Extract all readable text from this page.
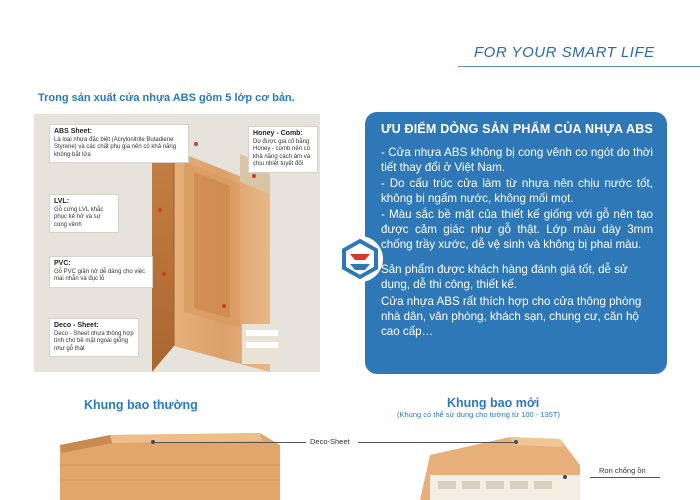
FOR YOUR SMART LIFE
Trong sản xuất cửa nhựa ABS gồm 5 lớp cơ bản.
ABS Sheet:
Là loại nhựa đặc biệt (Acrylonitrile Butadiene Styrene) và các chất phụ gia nên có khả năng không bắt lửa
Honey - Comb:
Do được gia cố bằng Honey - comb nên có khả năng cách âm và chịu nhiệt tuyệt đối
LVL:
Gỗ cứng LVL khắc phục kẻ hở và sự cong vênh
PVC:
Gỗ PVC giản nở dễ dàng cho việc mài nhẵn và đục lỗ
Deco - Sheet:
Deco - Sheet nhựa thông hợp tính cho bề mặt ngoài giống như gỗ thật
ƯU ĐIỂM DÒNG SẢN PHẨM CỦA NHỰA ABS
- Cửa nhựa ABS không bị cong vênh co ngót do thời tiết thay đổi ở Việt Nam.
- Do cấu trúc cửa làm từ nhựa nên chịu nước tốt, không bị ngấm nước, không mối mọt.
- Màu sắc bề mặt của thiết kế giống với gỗ nên tạo được cảm giác như gỗ thật. Lớp màu dày 3mm chống trầy xước, dễ vệ sinh và không bị phai màu.
Sản phẩm được khách hàng đánh giá tốt, dễ sử dụng, dễ thi công, thiết kế.
Cửa nhựa ABS rất thích hợp cho cửa thông phòng nhà dân, văn phòng, khách sạn, chung cư, căn hộ cao cấp…
Khung bao thường	Khung bao mới
(Khung có thể sử dụng cho tường từ 100 - 135T)
Deco-Sheet
Ron chống ồn
